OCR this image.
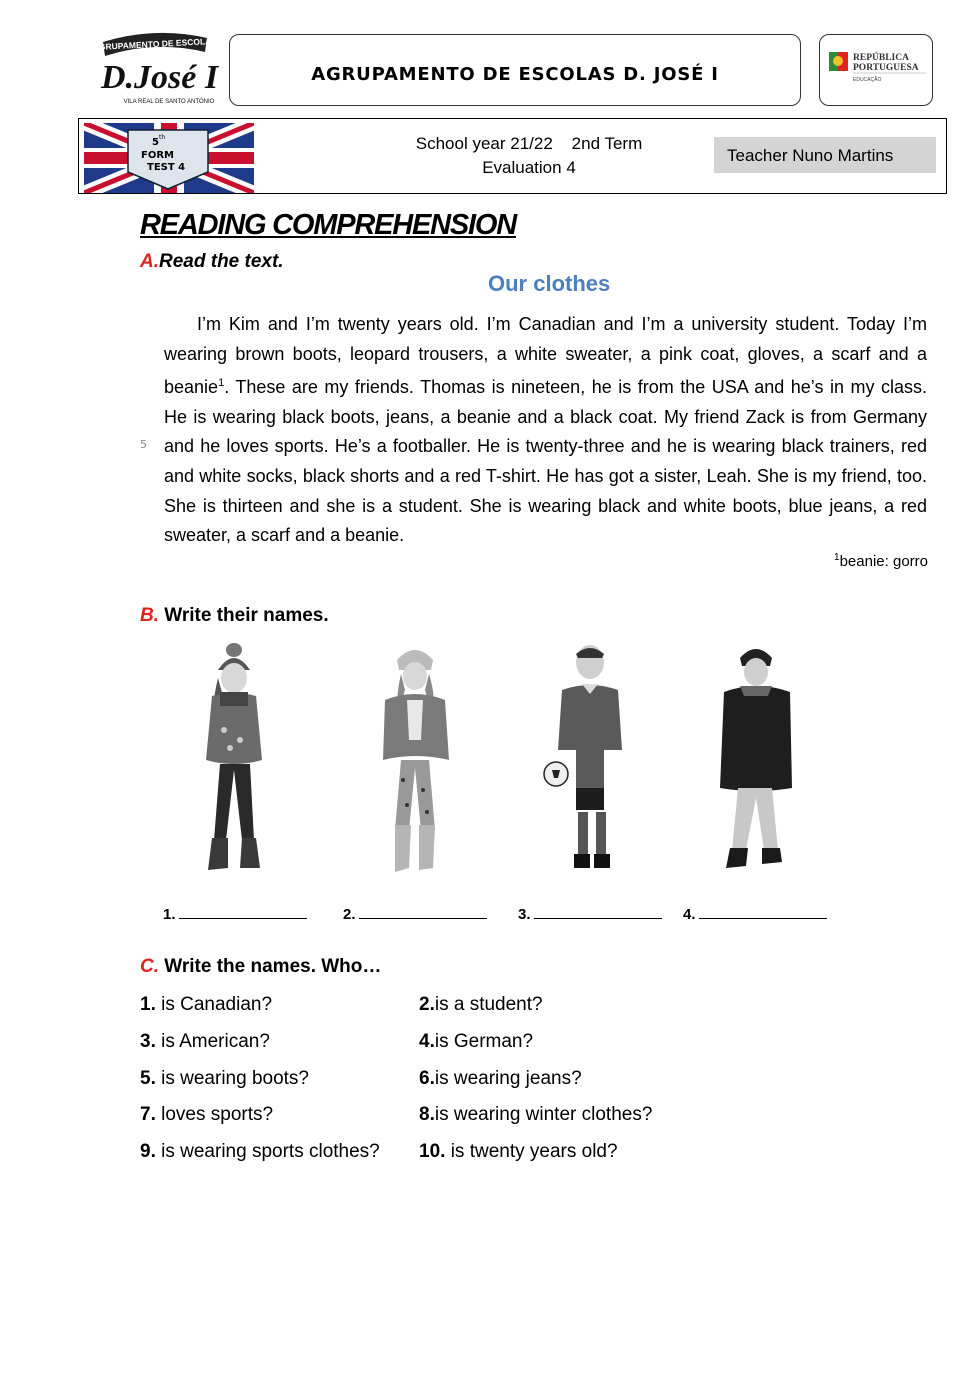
AGRUPAMENTO DE ESCOLAS
D.José I
VILA REAL DE SANTO ANTÓNIO
AGRUPAMENTO DE ESCOLAS D. JOSÉ I
REPÚBLICA
PORTUGUESA
EDUCAÇÃO
5 th
FORM
TEST 4
School year 21/22    2nd Term
Evaluation 4
Teacher Nuno Martins
READING COMPREHENSION
A.Read the text.
Our clothes
I’m Kim and I’m twenty years old. I’m Canadian and I’m a university student. Today I’m wearing brown boots, leopard trousers, a white sweater, a pink coat, gloves, a scarf and a beanie$^1$. These are my friends. Thomas is nineteen, he is from the USA and he’s in my class. He is wearing black boots, jeans, a beanie and a black coat. My friend Zack is from Germany and he loves sports. He’s a footballer. He is twenty-three and he is wearing black trainers, red and white socks, black shorts and a red T-shirt. He has got a sister, Leah. She is my friend, too. She is thirteen and she is a student. She is wearing black and white boots, blue jeans, a red sweater, a scarf and a beanie.
5
$^1$beanie: gorro
B. Write their names.
1.	2.	3.	4.
C. Write the names. Who…
1. is Canadian?	2.is a student?
3. is American?	4.is German?
5. is wearing boots?	6.is wearing jeans?
7. loves sports?	8.is wearing winter clothes?
9. is wearing sports clothes? 10. is twenty years old?
